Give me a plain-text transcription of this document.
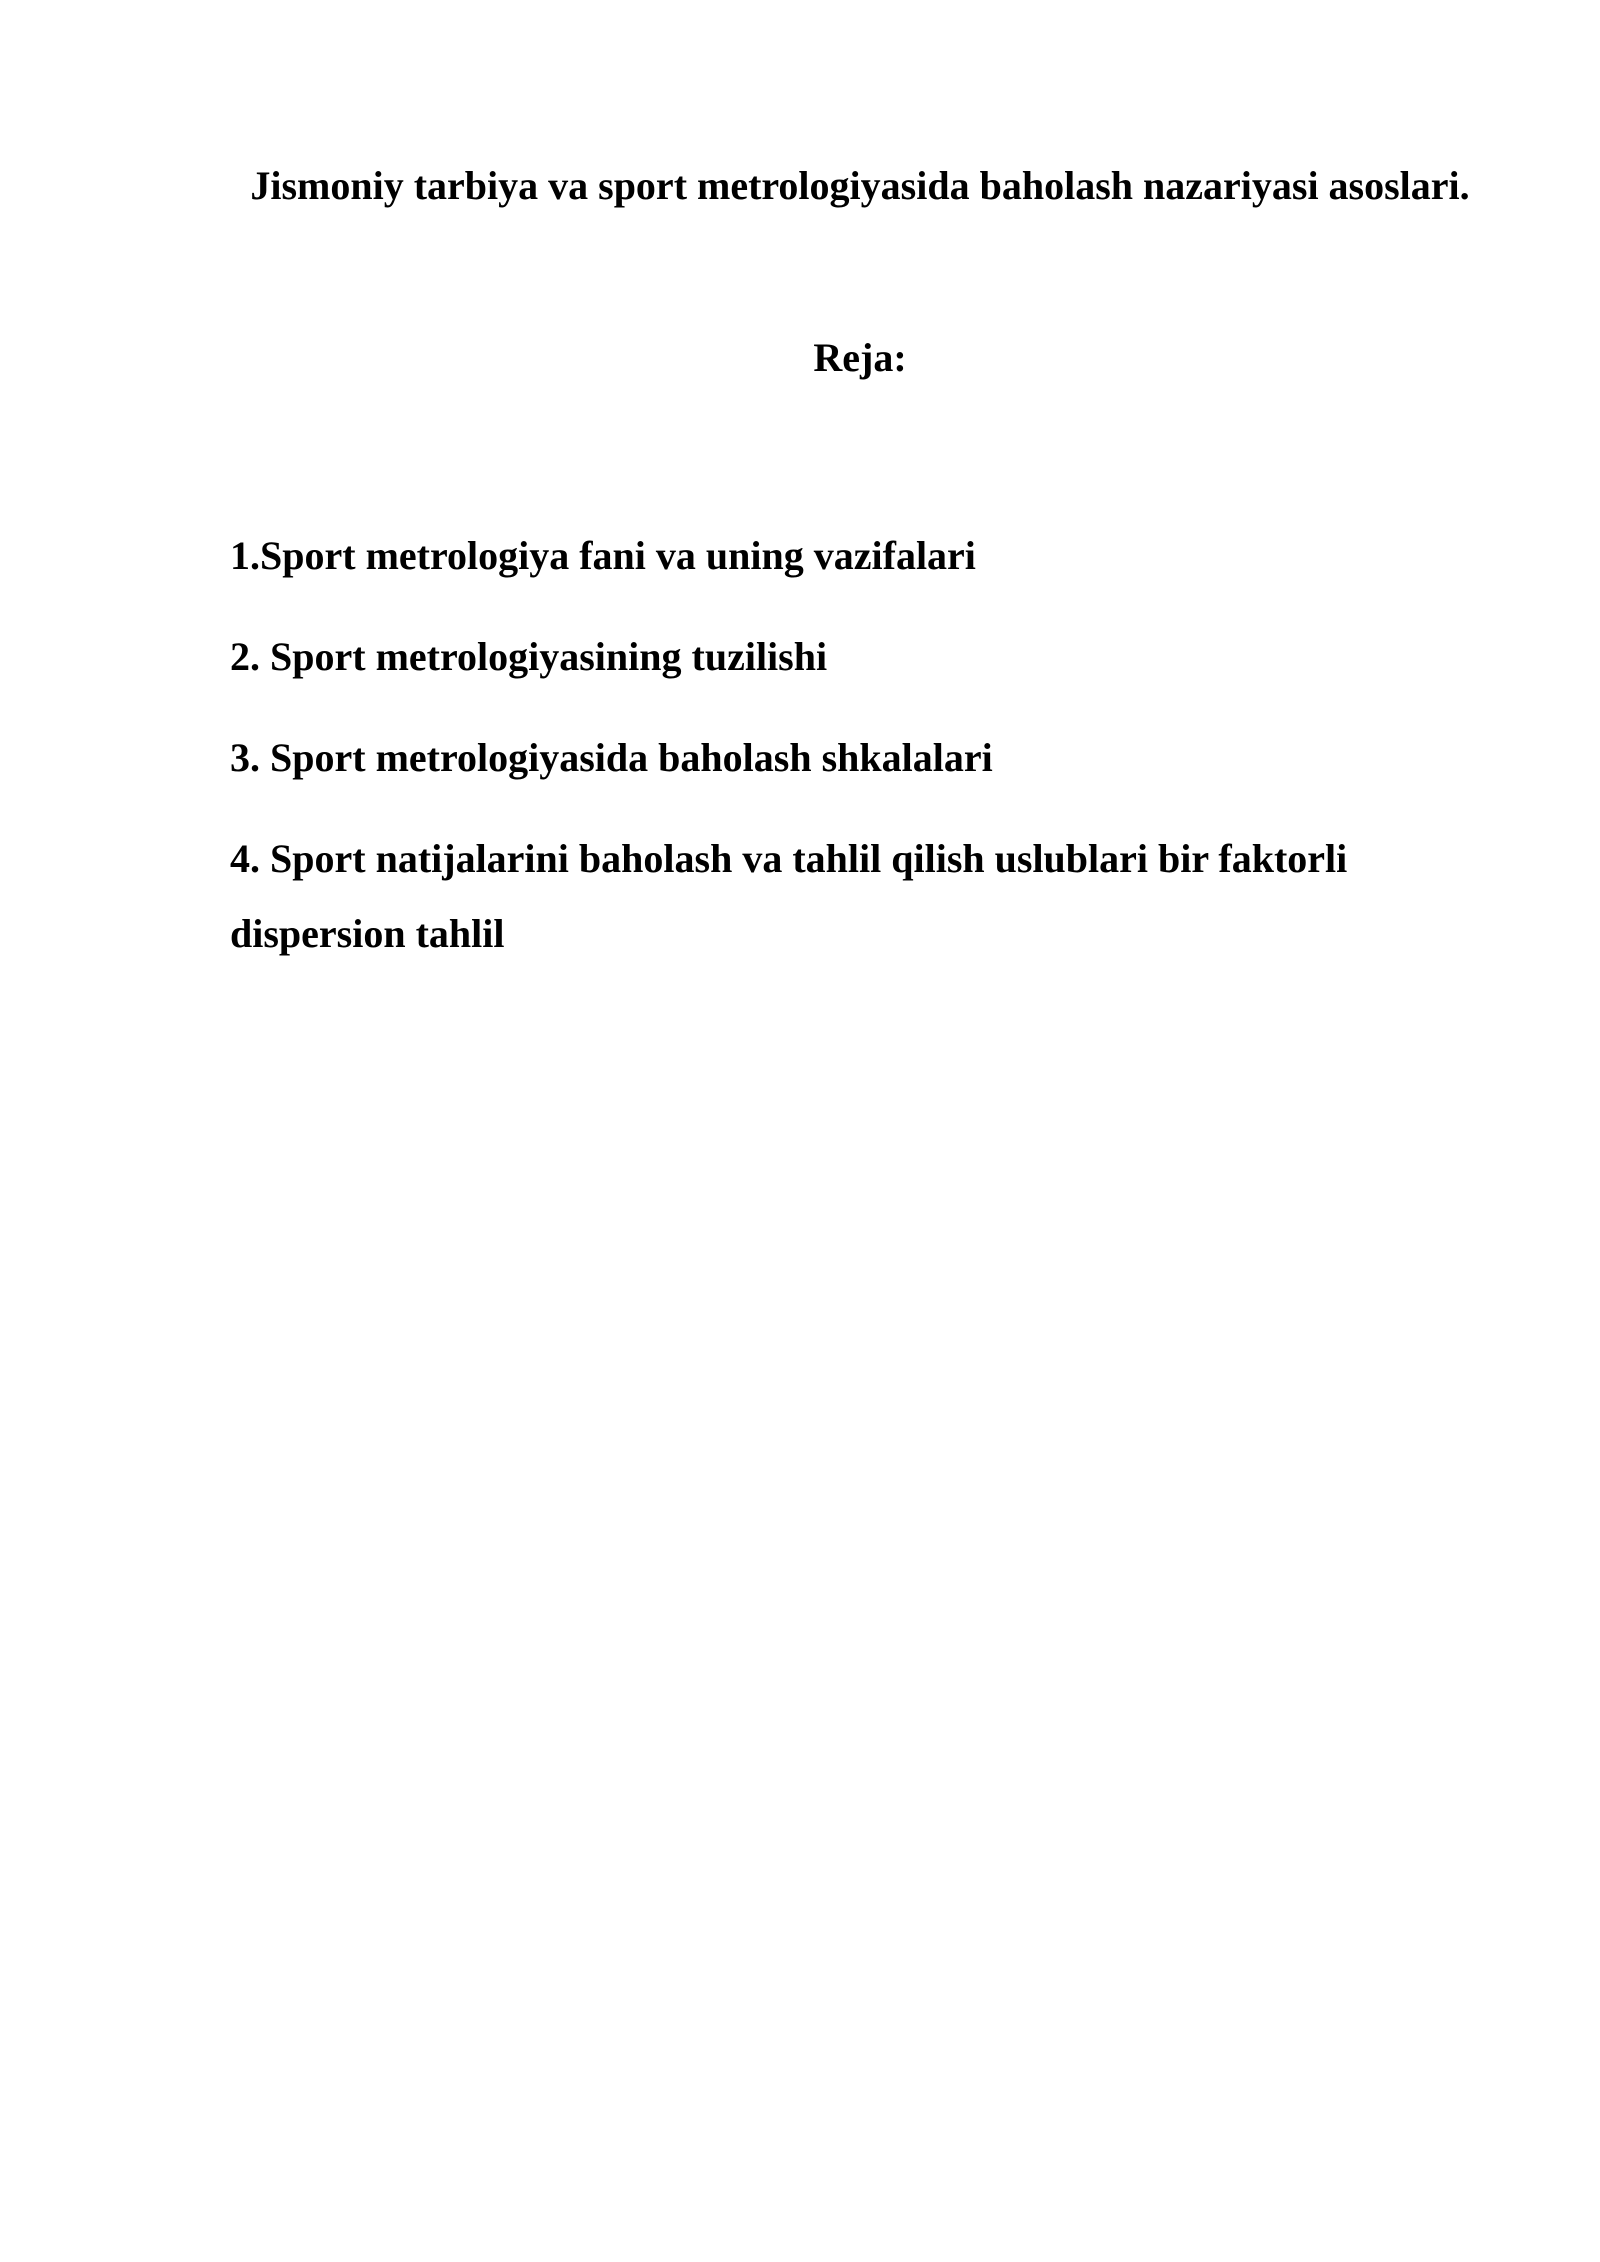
Jismoniy tarbiya va sport metrologiyasida baholash nazariyasi asoslari.
Reja:
1.Sport metrologiya fani va uning vazifalari
2. Sport metrologiyasining tuzilishi
3. Sport metrologiyasida baholash shkalalari
4. Sport natijalarini baholash va tahlil qilish uslublari bir faktorli dispersion tahlil
